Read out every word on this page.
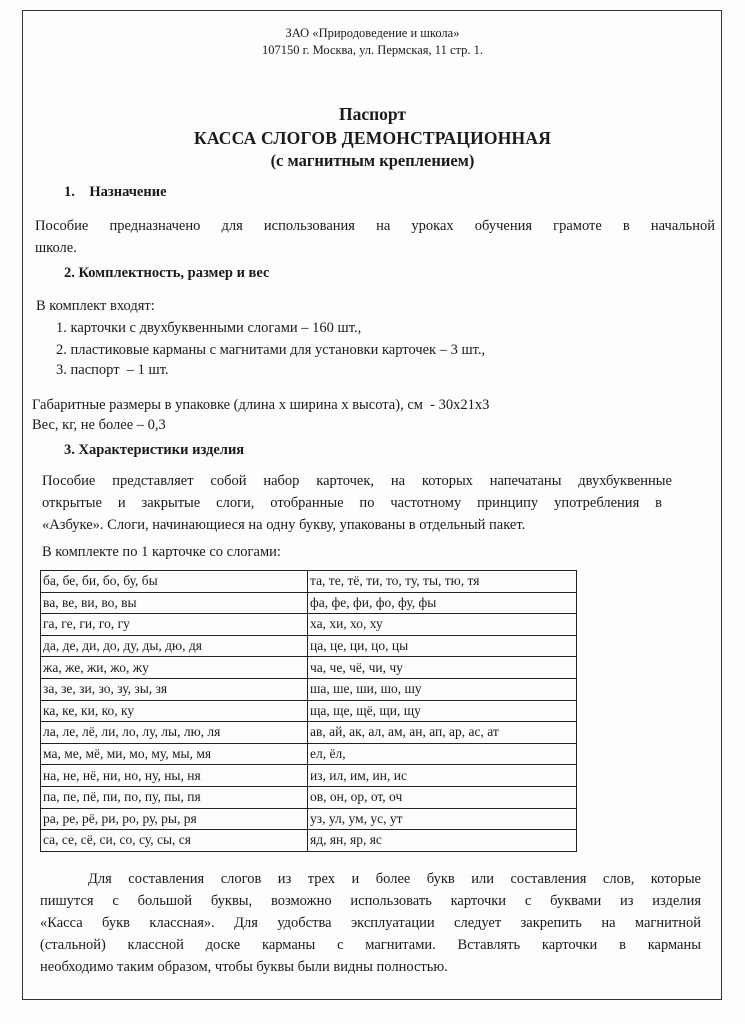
ЗАО «Природоведение и школа»
107150 г. Москва, ул. Пермская, 11 стр. 1.
Паспорт
КАССА СЛОГОВ ДЕМОНСТРАЦИОННАЯ
(с магнитным креплением)
1.    Назначение
Пособие предназначено для использования на уроках обучения грамоте в начальной
школе.
2. Комплектность, размер и вес
В комплект входят:
1. карточки с двухбуквенными слогами – 160 шт.,
2. пластиковые карманы с магнитами для установки карточек – 3 шт.,
3. паспорт  – 1 шт.
Габаритные размеры в упаковке (длина х ширина х высота), см  - 30х21х3
Вес, кг, не более – 0,3
3. Характеристики изделия
Пособие представляет собой набор карточек, на которых напечатаны двухбуквенные
открытые и закрытые слоги, отобранные по частотному принципу употребления в
«Азбуке». Слоги, начинающиеся на одну букву, упакованы в отдельный пакет.
В комплекте по 1 карточке со слогами:
ба, бе, би, бо, бу, бы	та, те, тё, ти, то, ту, ты, тю, тя
ва, ве, ви, во, вы	фа, фе, фи, фо, фу, фы
га, ге, ги, го, гу	ха, хи, хо, ху
да, де, ди, до, ду, ды, дю, дя	ца, це, ци, цо, цы
жа, же, жи, жо, жу	ча, че, чё, чи, чу
за, зе, зи, зо, зу, зы, зя	ша, ше, ши, шо, шу
ка, ке, ки, ко, ку	ща, ще, щё, щи, щу
ла, ле, лё, ли, ло, лу, лы, лю, ля	ав, ай, ак, ал, ам, ан, ап, ар, ас, ат
ма, ме, мё, ми, мо, му, мы, мя	ел, ёл,
на, не, нё, ни, но, ну, ны, ня	из, ил, им, ин, ис
па, пе, пё, пи, по, пу, пы, пя	ов, он, ор, от, оч
ра, ре, рё, ри, ро, ру, ры, ря	уз, ул, ум, ус, ут
са, се, сё, си, со, су, сы, ся	яд, ян, яр, яс
Для составления слогов из трех и более букв или составления слов, которые
пишутся с большой буквы, возможно использовать карточки с буквами из изделия
«Касса букв классная». Для удобства эксплуатации следует закрепить на магнитной
(стальной) классной доске карманы с магнитами. Вставлять карточки в карманы
необходимо таким образом, чтобы буквы были видны полностью.
